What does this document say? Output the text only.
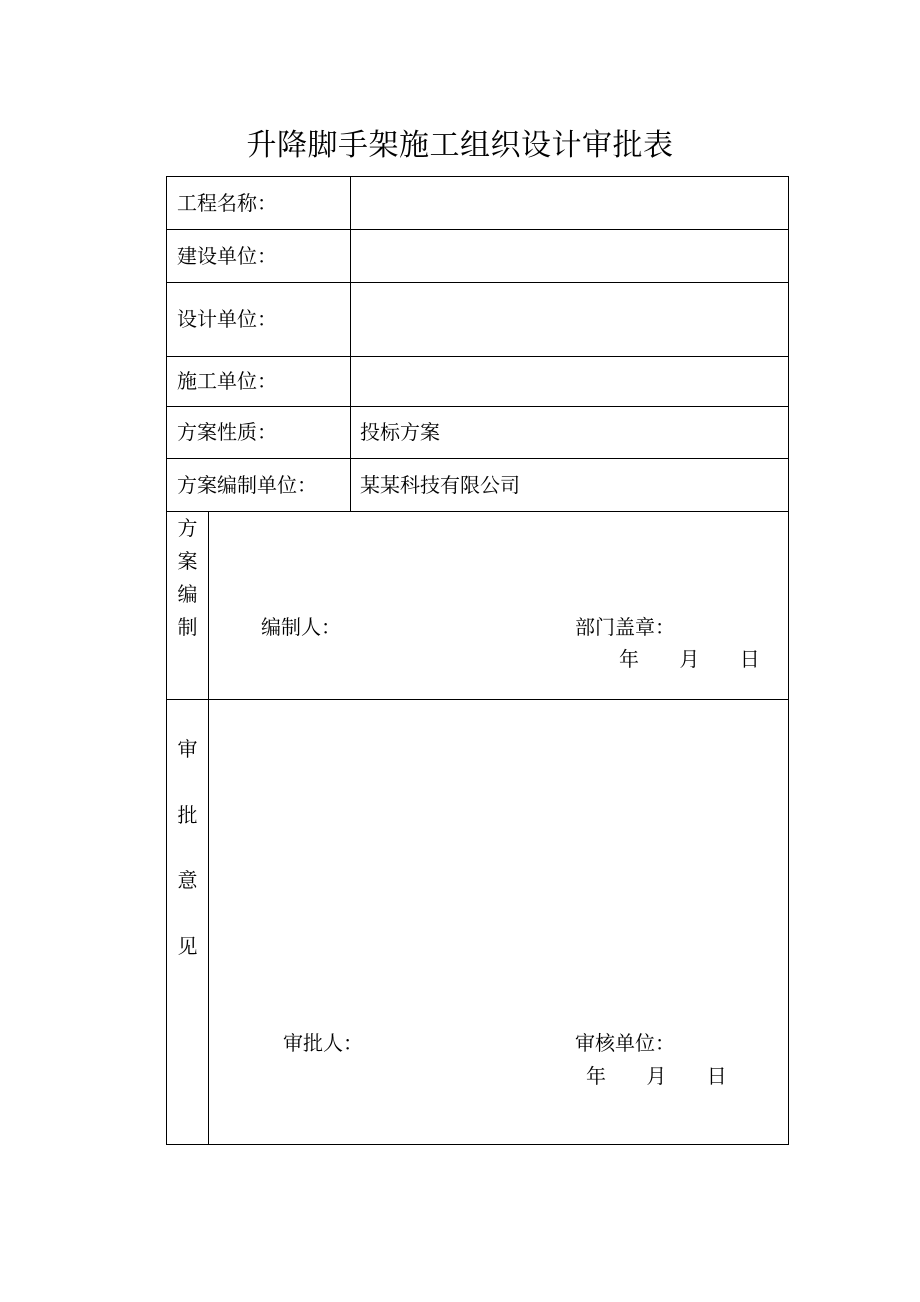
升降脚手架施工组织设计审批表
工程名称：
建设单位：
设计单位：
施工单位：
方案性质：	投标方案
方案编制单位： 某某科技有限公司
方
案
编
制	编制人：	部门盖章：
年 月 日
审
批
意
见
审批人：	审核单位：
年 月 日
